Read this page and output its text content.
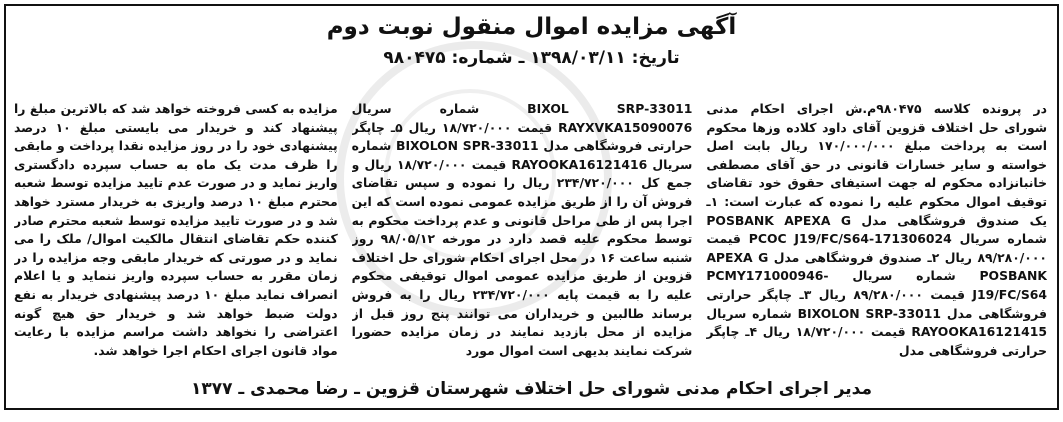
آگهی مزایده اموال منقول نوبت دوم
تاریخ: ۱۳۹۸/۰۳/۱۱ ـ شماره: ۹۸۰۴۷۵

در پرونده کلاسه ۹۸۰۴۷۵م.ش اجرای احکام مدنی شورای حل اختلاف قزوین آقای داود کلاده وزها محکوم است به پرداخت مبلغ ۱۷۰/۰۰۰/۰۰۰ ریال بابت اصل خواسته و سایر خسارات قانونی در حق آقای مصطفی خانبانزاده محکوم له جهت استیفای حقوق خود تقاضای توقیف اموال محکوم علیه را نموده که عبارت است: ۱ـ یک صندوق فروشگاهی مدل POSBANK APEXA G شماره سریال PCOC J19/FC/S64-171306024 قیمت ۸۹/۲۸۰/۰۰۰ ریال ۲ـ صندوق فروشگاهی مدل APEXA G POSBANK شماره سریال PCMY171000946-J19/FC/S64 قیمت ۸۹/۲۸۰/۰۰۰ ریال ۳ـ چاپگر حرارتی فروشگاهی مدل BIXOLON SRP-33011 شماره سریال RAYOOKA16121415 قیمت ۱۸/۷۲۰/۰۰۰ ریال ۴ـ چاپگر حرارتی فروشگاهی مدل

BIXOL SRP-33011 شماره سریال RAYXVKA15090076 قیمت ۱۸/۷۲۰/۰۰۰ ریال ۵ـ چاپگر حرارتی فروشگاهی مدل BIXOLON SPR-33011 شماره سریال RAYOOKA16121416 قیمت ۱۸/۷۲۰/۰۰۰ ریال و جمع کل ۲۳۴/۷۲۰/۰۰۰ ریال را نموده و سپس تقاضای فروش آن را از طریق مزایده عمومی نموده است که این اجرا پس از طی مراحل قانونی و عدم پرداخت محکوم به توسط محکوم علیه قصد دارد در مورخه ۹۸/۰۵/۱۲ روز شنبه ساعت ۱۶ در محل اجرای احکام شورای حل اختلاف قزوین از طریق مزایده عمومی اموال توقیفی محکوم علیه را به قیمت پایه ۲۳۴/۷۲۰/۰۰۰ ریال را به فروش برساند طالبین و خریداران می توانند پنج روز قبل از مزایده از محل بازدید نمایند در زمان مزایده حضورا شرکت نمایند بدیهی است اموال مورد

مزایده به کسی فروخته خواهد شد که بالاترین مبلغ را پیشنهاد کند و خریدار می بایستی مبلغ ۱۰ درصد پیشنهادی خود را در روز مزایده نقدا پرداخت و مابقی را ظرف مدت یک ماه به حساب سپرده دادگستری واریز نماید و در صورت عدم تایید مزایده توسط شعبه محترم مبلغ ۱۰ درصد واریزی به خریدار مسترد خواهد شد و در صورت تایید مزایده توسط شعبه محترم صادر کننده حکم تقاضای انتقال مالکیت اموال/ ملک را می نماید و در صورتی که خریدار مابقی وجه مزایده را در زمان مقرر به حساب سپرده واریز ننماید و یا اعلام انصراف نماید مبلغ ۱۰ درصد پیشنهادی خریدار به نفع دولت ضبط خواهد شد و خریدار حق هیچ گونه اعتراضی را نخواهد داشت مراسم مزایده با رعایت مواد قانون اجرای احکام اجرا خواهد شد.

مدیر اجرای احکام مدنی شورای حل اختلاف شهرستان قزوین ـ رضا محمدی ـ ۱۳۷۷
